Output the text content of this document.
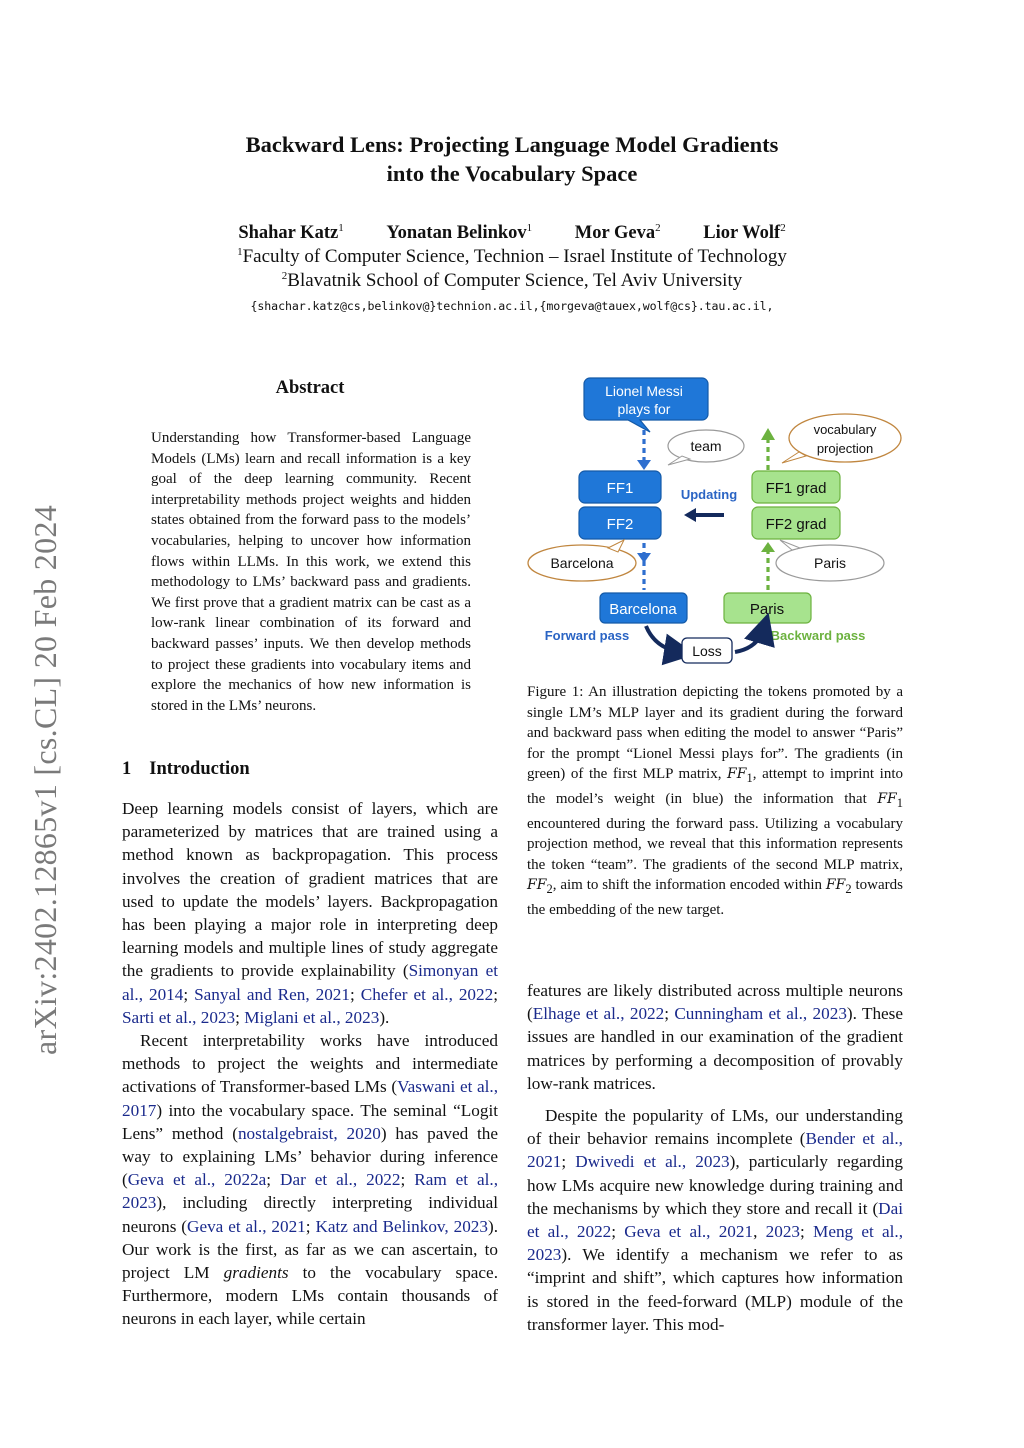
Backward Lens: Projecting Language Model Gradients
into the Vocabulary Space
Shahar Katz$^1$ Yonatan Belinkov$^1$ Mor Geva$^2$ Lior Wolf$^2$
$^1$Faculty of Computer Science, Technion – Israel Institute of Technology
$^2$Blavatnik School of Computer Science, Tel Aviv University
{shachar.katz@cs,belinkov@}technion.ac.il,{morgeva@tauex,wolf@cs}.tau.ac.il,
arXiv:2402.12865v1 [cs.CL] 20 Feb 2024
Abstract
Understanding how Transformer-based Language Models (LMs) learn and recall information is a key goal of the deep learning community. Recent interpretability methods project weights and hidden states obtained from the forward pass to the models’ vocabularies, helping to uncover how information flows within LLMs. In this work, we extend this methodology to LMs’ backward pass and gradients. We first prove that a gradient matrix can be cast as a low-rank linear combination of its forward and backward passes’ inputs. We then develop methods to project these gradients into vocabulary items and explore the mechanics of how new information is stored in the LMs’ neurons.
1 Introduction

Deep learning models consist of layers, which are parameterized by matrices that are trained using a method known as backpropagation. This process involves the creation of gradient matrices that are used to update the models’ layers. Backpropagation has been playing a major role in interpreting deep learning models and multiple lines of study aggregate the gradients to provide explainability (Simonyan et al., 2014; Sanyal and Ren, 2021; Chefer et al., 2022; Sarti et al., 2023; Miglani et al., 2023).

Recent interpretability works have introduced methods to project the weights and intermediate activations of Transformer-based LMs (Vaswani et al., 2017) into the vocabulary space. The seminal “Logit Lens” method (nostalgebraist, 2020) has paved the way to explaining LMs’ behavior during inference (Geva et al., 2022a; Dar et al., 2022; Ram et al., 2023), including directly interpreting individual neurons (Geva et al., 2021; Katz and Belinkov, 2023). Our work is the first, as far as we can ascertain, to project LM gradients to the vocabulary space. Furthermore, modern LMs contain thousands of neurons in each layer, while certain

Lionel Messi
plays for
team
vocabulary
projection
FF1
FF2
Updating FF1 grad
FF2 grad
Barcelona	Paris
Barcelona	Paris
Forward pass	Backward pass
Loss
Figure 1: An illustration depicting the tokens promoted by a single LM’s MLP layer and its gradient during the forward and backward pass when editing the model to answer “Paris” for the prompt “Lionel Messi plays for”. The gradients (in green) of the first MLP matrix, $FF_1$, attempt to imprint into the model’s weight (in blue) the information that $FF_1$ encountered during the forward pass. Utilizing a vocabulary projection method, we reveal that this information represents the token “team”. The gradients of the second MLP matrix, $FF_2$, aim to shift the information encoded within $FF_2$ towards the embedding of the new target.

features are likely distributed across multiple neurons (Elhage et al., 2022; Cunningham et al., 2023). These issues are handled in our examination of the gradient matrices by performing a decomposition of provably low-rank matrices.

Despite the popularity of LMs, our understanding of their behavior remains incomplete (Bender et al., 2021; Dwivedi et al., 2023), particularly regarding how LMs acquire new knowledge during training and the mechanisms by which they store and recall it (Dai et al., 2022; Geva et al., 2021, 2023; Meng et al., 2023). We identify a mechanism we refer to as “imprint and shift”, which captures how information is stored in the feed-forward (MLP) module of the transformer layer. This mod-
